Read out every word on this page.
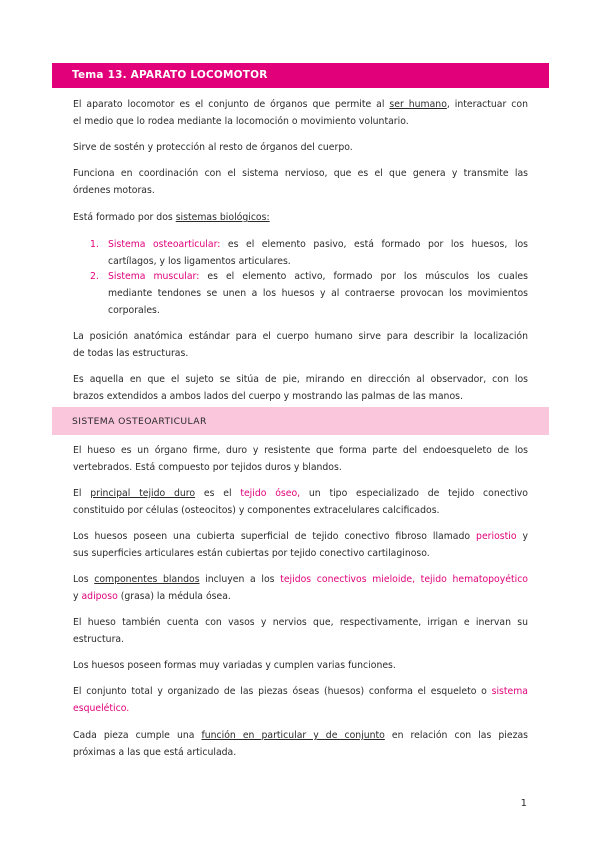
Tema 13. APARATO LOCOMOTOR
El aparato locomotor es el conjunto de órganos que permite al ser humano, interactuar con
el medio que lo rodea mediante la locomoción o movimiento voluntario.
Sirve de sostén y protección al resto de órganos del cuerpo.
Funciona en coordinación con el sistema nervioso, que es el que genera y transmite las
órdenes motoras.
Está formado por dos sistemas biológicos:
1. Sistema osteoarticular: es el elemento pasivo, está formado por los huesos, los
cartílagos, y los ligamentos articulares.
2. Sistema muscular: es el elemento activo, formado por los músculos los cuales
mediante tendones se unen a los huesos y al contraerse provocan los movimientos
corporales.
La posición anatómica estándar para el cuerpo humano sirve para describir la localización
de todas las estructuras.
Es aquella en que el sujeto se sitúa de pie, mirando en dirección al observador, con los
brazos extendidos a ambos lados del cuerpo y mostrando las palmas de las manos.
SISTEMA OSTEOARTICULAR
El hueso es un órgano firme, duro y resistente que forma parte del endoesqueleto de los
vertebrados. Está compuesto por tejidos duros y blandos.
El principal tejido duro es el tejido óseo, un tipo especializado de tejido conectivo
constituido por células (osteocitos) y componentes extracelulares calcificados.
Los huesos poseen una cubierta superficial de tejido conectivo fibroso llamado periostio y
sus superficies articulares están cubiertas por tejido conectivo cartilaginoso.
Los componentes blandos incluyen a los tejidos conectivos mieloide, tejido hematopoyético
y adiposo (grasa) la médula ósea.
El hueso también cuenta con vasos y nervios que, respectivamente, irrigan e inervan su
estructura.
Los huesos poseen formas muy variadas y cumplen varias funciones.
El conjunto total y organizado de las piezas óseas (huesos) conforma el esqueleto o sistema
esquelético.
Cada pieza cumple una función en particular y de conjunto en relación con las piezas
próximas a las que está articulada.
1
